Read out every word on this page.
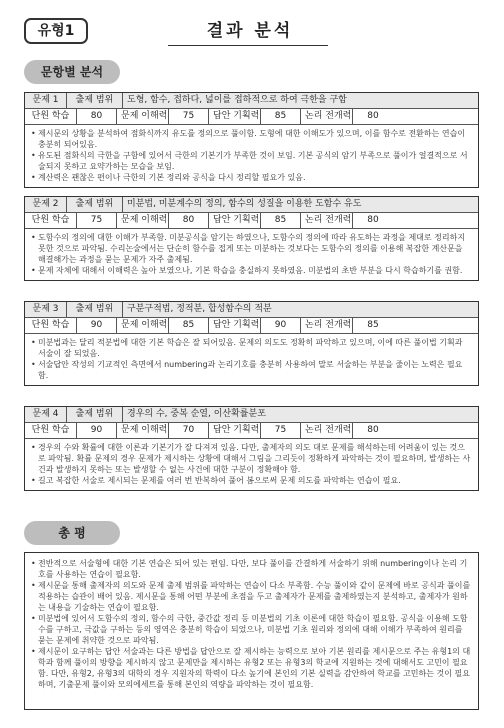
유형1	결과 분석
문항별 분석
문제 1	출제 범위	도형, 함수, 접하다, 넓이를 접하적으로 하여 극한을 구함
단원 학습	80	문제 이해력	75	답안 기획력	85	논리 전개력	80
• 제시문의 상황을 분석하여 점화식까지 유도를 정의으로 풀이함. 도형에 대한 이해도가 있으며, 이를 함수로 전환하는 연습이 충분히 되어있음.
• 유도된 점화식의 극한을 구함에 있어서 극한의 기본기가 부족한 것이 보임. 기본 공식의 암기 부족으로 풀이가 얼결적으로 서술되지 못하고 요약가하는 모습을 보임.
• 계산력은 괜찮은 편이나 극한의 기본 정리와 공식을 다시 정리할 필요가 있음.
문제 2	출제 범위	미분법, 미분계수의 정의, 함수의 성질을 이용한 도함수 유도
단원 학습	75	문제 이해력	80	답안 기획력	85	논리 전개력	80
• 도함수의 정의에 대한 이해가 부족함. 미분공식을 암기는 하였으나, 도함수의 정의에 따라 유도하는 과정을 제대로 정리하지 못한 것으로 파악됨. 수리논술에서는 단순히 함수를 접게 또는 미분하는 것보다는 도함수의 정의를 이용해 복잡한 계산문을 해결해가는 과정을 묻는 문제가 자주 출제됨.
• 문제 자체에 대해서 이해력은 높아 보였으나, 기본 학습을 충실하지 못하였음. 미분법의 초반 부분을 다시 학습하기를 권함.
문제 3	출제 범위	구분구적법, 정적분, 합성함수의 적분
단원 학습	90	문제 이해력	85	답안 기획력	90	논리 전개력	85
• 미분법과는 달리 적분법에 대한 기본 학습은 잘 되어있음. 문제의 의도도 정확히 파악하고 있으며, 이에 따른 풀이법 기획과 서술이 잘 되었음.
• 서술답안 작성의 기교적인 측면에서 numbering과 논리기호를 충분히 사용하여 말로 서술하는 부분을 줄이는 노력은 필요함.
문제 4	출제 범위	경우의 수, 중복 순열, 이산확률분포
단원 학습	90	문제 이해력	70	답안 기획력	75	논리 전개력	80
• 경우의 수와 확률에 대한 이론과 기본기가 잘 다져져 있음. 다만, 출제자의 의도 대로 문제를 해석하는데 어려움이 있는 것으로 파악됨. 확률 문제의 경우 문제가 제시하는 상황에 대해서 그림을 그리듯이 정확하게 파악하는 것이 필요하며, 발생하는 사건과 발생하지 못하는 또는 발생할 수 없는 사건에 대한 구분이 정확해야 함.
• 길고 복잡한 서술로 제시되는 문제를 여러 번 반복하여 풀어 봄으로써 문제 의도를 파악하는 연습이 필요.
총 평
• 전반적으로 서술형에 대한 기본 연습은 되어 있는 편임. 다만, 보다 풀이를 간결하게 서술하기 위해 numbering이나 논리 기호를 사용하는 연습이 필요함.
• 제시문을 통해 출제자의 의도와 문제 출제 범위를 파악하는 연습이 다소 부족함. 수능 풀이와 같이 문제에 바로 공식과 풀이를 적용하는 습관이 배어 있음. 제시문을 통해 어떤 부분에 초점을 두고 출제자가 문제를 출제하였는지 분석하고, 출제자가 원하는 내용을 기술하는 연습이 필요함.
• 미분법에 있어서 도함수의 정의, 함수의 극한, 중간값 정리 등 미분법의 기초 이론에 대한 학습이 필요함. 공식을 이용해 도함수를 구하고, 극값을 구하는 등의 영역은 충분히 학습이 되었으나, 미분법 기초 원리와 정의에 대해 이해가 부족하여 원리를 묻는 문제에 취약한 것으로 파악됨.
• 제시문이 요구하는 답안 서술과는 다른 방법을 답안으로 잘 제시하는 능력으로 보아 기본 원리를 제시문으로 주는 유형1의 대학과 함께 풀이의 방향을 제시하지 않고 문제만을 제시하는 유형2 또는 유형3의 학교에 지원하는 것에 대해서도 고민이 필요함. 다만, 유형2, 유형3의 대학의 경우 지원자의 학력이 다소 높기에 본인의 기본 실력을 감안하여 학교를 고민하는 것이 필요하며, 기출문제 풀이와 모의에세트를 통해 본인의 역량을 파악하는 것이 필요함.
